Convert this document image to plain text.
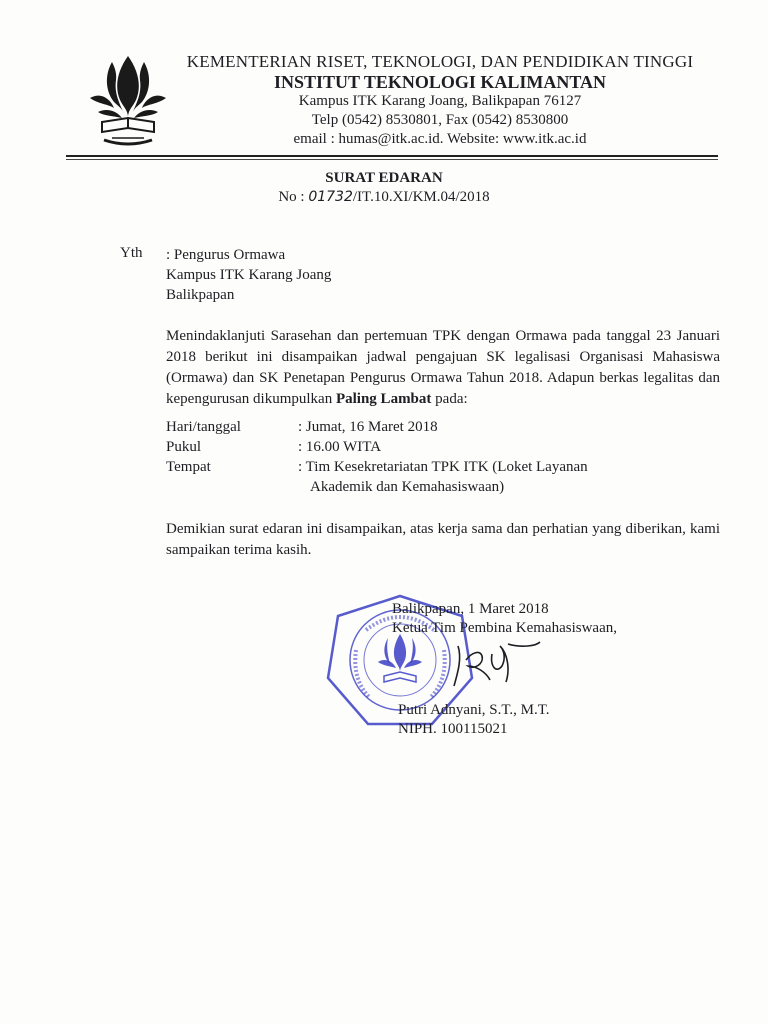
KEMENTERIAN RISET, TEKNOLOGI, DAN PENDIDIKAN TINGGI
INSTITUT TEKNOLOGI KALIMANTAN
Kampus ITK Karang Joang, Balikpapan 76127
Telp (0542) 8530801, Fax (0542) 8530800
email : humas@itk.ac.id. Website: www.itk.ac.id
SURAT EDARAN
No : 01732/IT.10.XI/KM.04/2018
Yth : Pengurus Ormawa
Kampus ITK Karang Joang
Balikpapan
Menindaklanjuti Sarasehan dan pertemuan TPK dengan Ormawa pada tanggal 23 Januari 2018 berikut ini disampaikan jadwal pengajuan SK legalisasi Organisasi Mahasiswa (Ormawa) dan SK Penetapan Pengurus Ormawa Tahun 2018. Adapun berkas legalitas dan kepengurusan dikumpulkan Paling Lambat pada:
Hari/tanggal	: Jumat, 16 Maret 2018
Pukul	: 16.00 WITA
Tempat	: Tim Kesekretariatan TPK ITK (Loket Layanan
Akademik dan Kemahasiswaan)
Demikian surat edaran ini disampaikan, atas kerja sama dan perhatian yang diberikan, kami sampaikan terima kasih.
Balikpapan, 1 Maret 2018
Ketua Tim Pembina Kemahasiswaan,
Putri Adnyani, S.T., M.T.
NIPH. 100115021
